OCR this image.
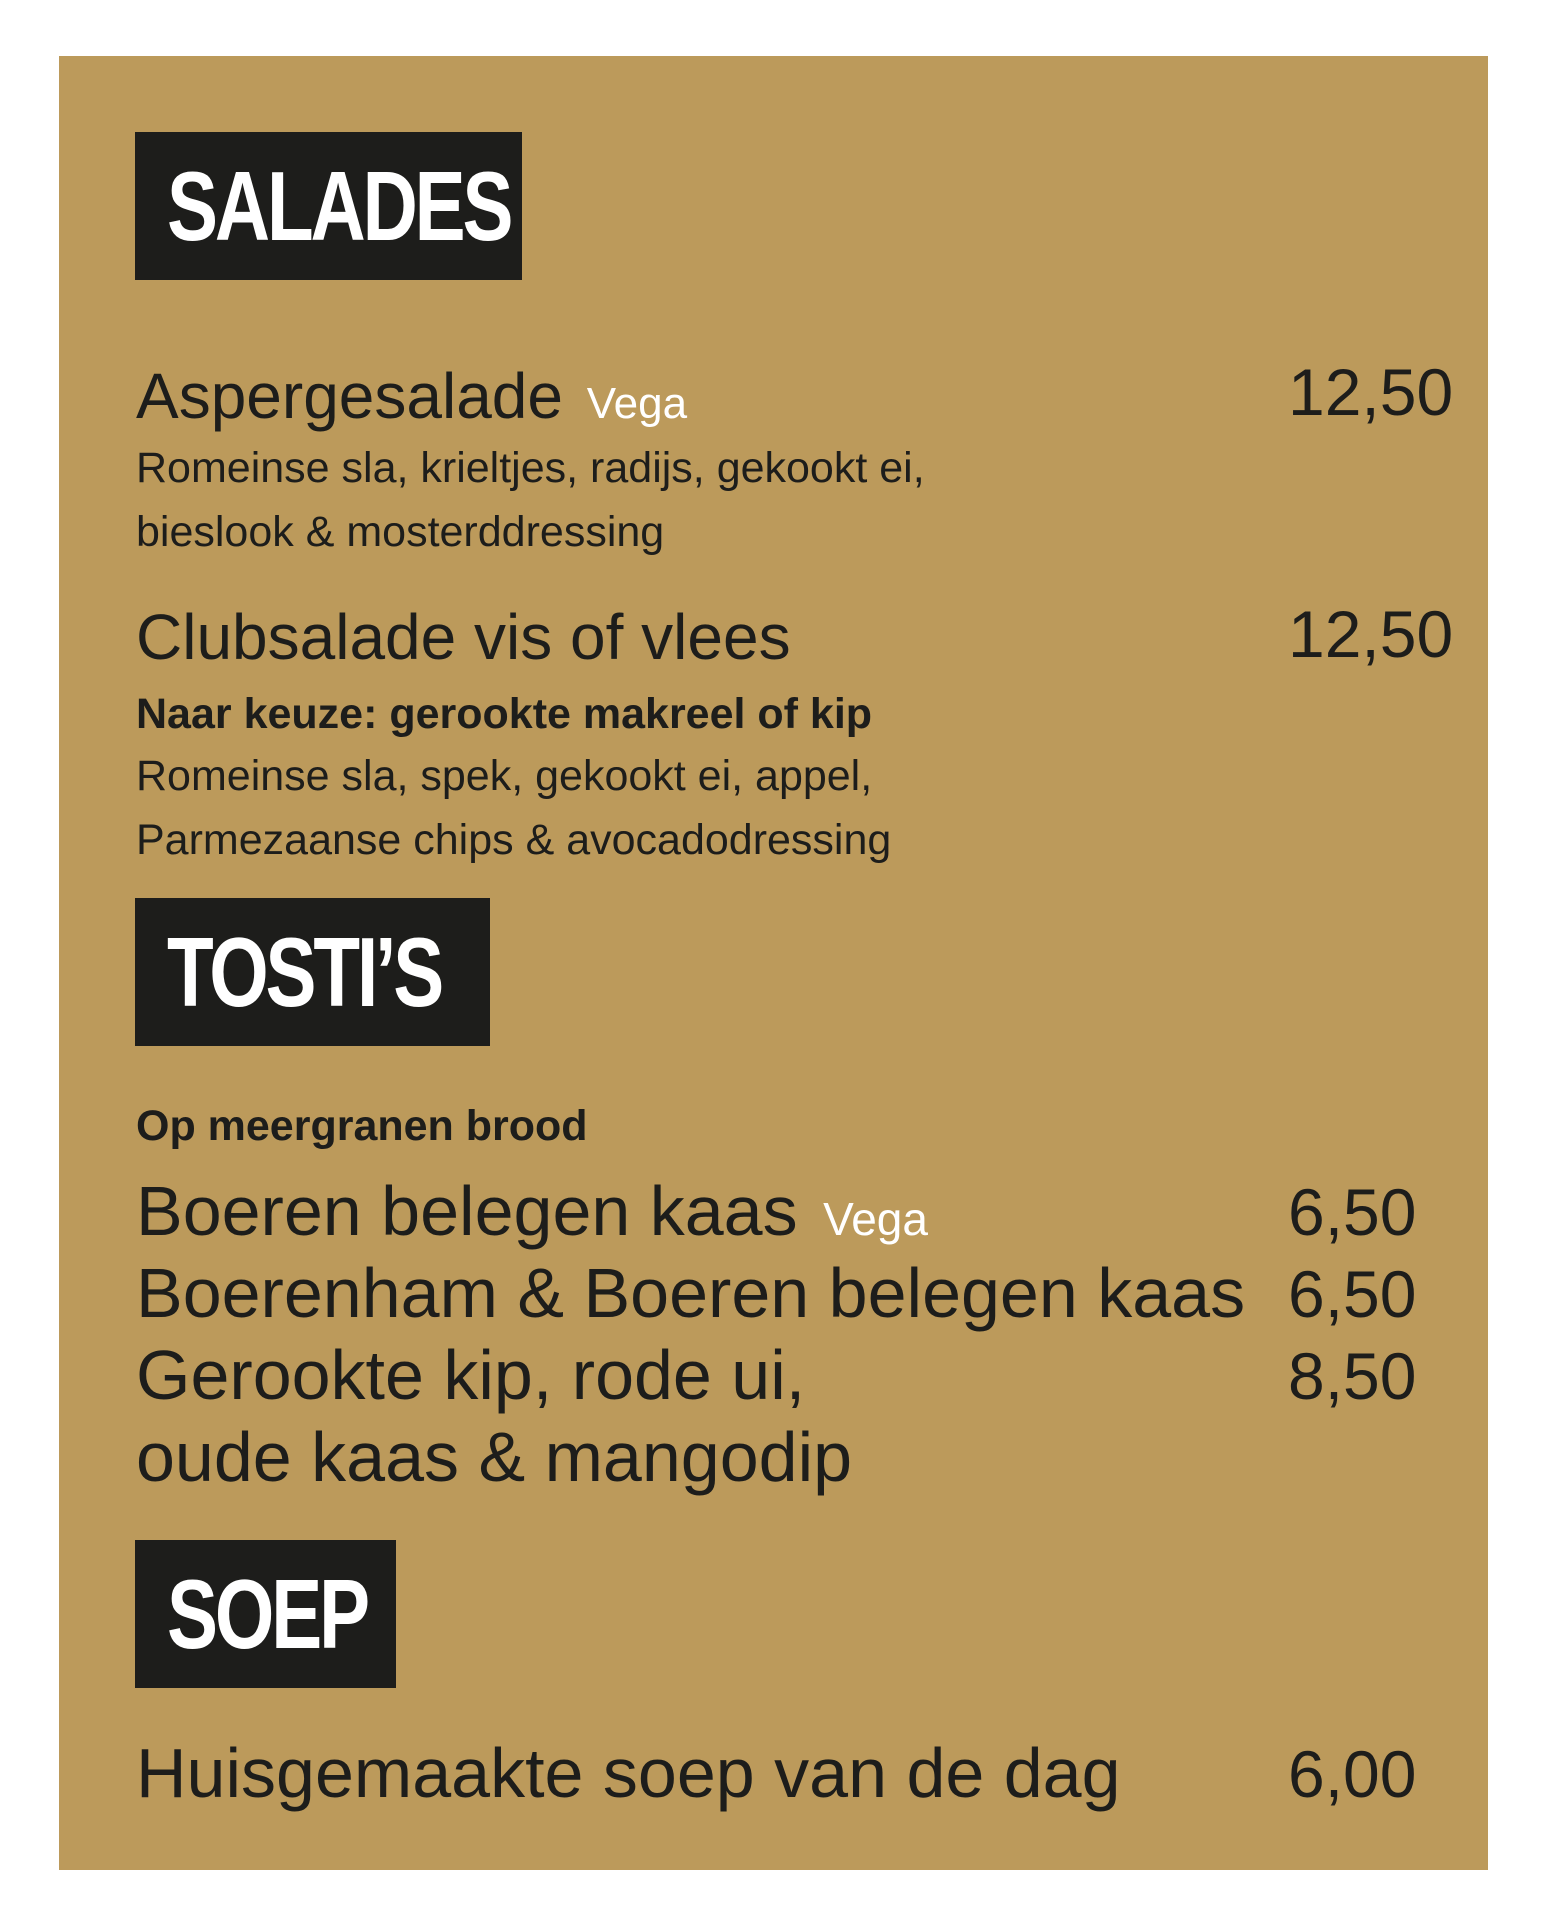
SALADES
Aspergesalade Vega	12,50
Romeinse sla, krieltjes, radijs, gekookt ei,
bieslook & mosterddressing
Clubsalade vis of vlees	12,50
Naar keuze: gerookte makreel of kip
Romeinse sla, spek, gekookt ei, appel,
Parmezaanse chips & avocadodressing
TOSTI’S
Op meergranen brood
Boeren belegen kaas Vega	6,50
Boerenham & Boeren belegen kaas 6,50
Gerookte kip, rode ui,	8,50
oude kaas & mangodip
SOEP
Huisgemaakte soep van de dag	6,00
